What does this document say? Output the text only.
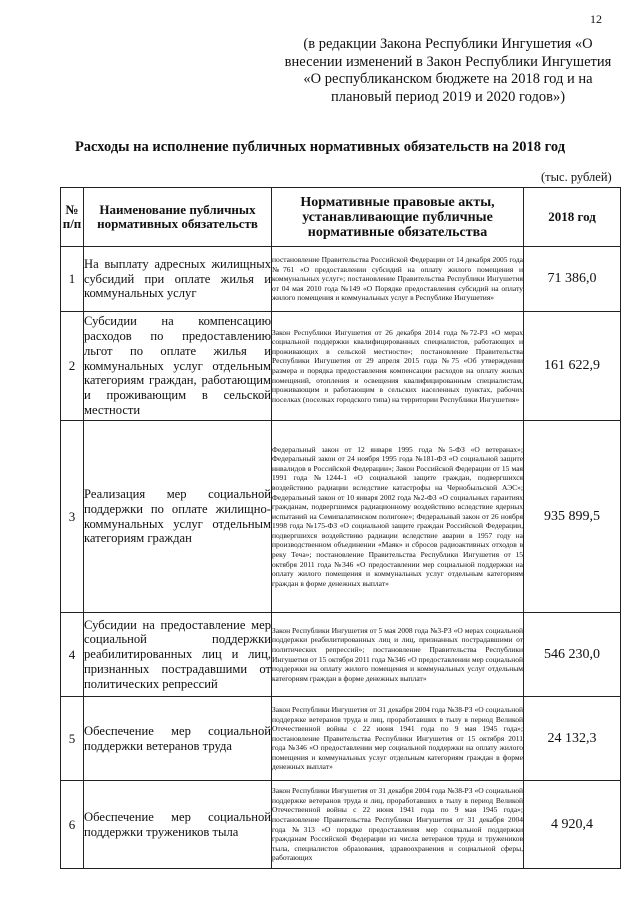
12
(в редакции Закона Республики Ингушетия «О внесении изменений в Закон Республики Ингушетия «О республиканском бюджете на 2018 год и на плановый период 2019 и 2020 годов»)
Расходы на исполнение публичных нормативных обязательств на 2018 год
(тыс. рублей)
№ п/п	Наименование публичных нормативных обязательств	Нормативные правовые акты, устанавливающие публичные нормативные обязательства	2018 год
1	На выплату адресных жилищных субсидий при оплате жилья и коммунальных услуг	постановление Правительства Российской Федерации от 14 декабря 2005 года №761 «О предоставлении субсидий на оплату жилого помещения и коммунальных услуг»; постановление Правительства Республики Ингушетия от 04 мая 2010 года №149 «О Порядке предоставления субсидий на оплату жилого помещения и коммунальных услуг в Республике Ингушетия»	71 386,0
2	Субсидии на компенсацию расходов по предоставлению льгот по оплате жилья и коммунальных услуг отдельным категориям граждан, работающим и проживающим в сельской местности	Закон Республики Ингушетия от 26 декабря 2014 года №72-РЗ «О мерах социальной поддержки квалифицированных специалистов, работающих и проживающих в сельской местности»; постановление Правительства Республики Ингушетия от 29 апреля 2015 года №75 «Об утверждении размера и порядка предоставления компенсации расходов на оплату жилых помещений, отопления и освещения квалифицированным специалистам, проживающим и работающим в сельских населенных пунктах, рабочих поселках (поселках городского типа) на территории Республики Ингушетия»	161 622,9
3	Реализация мер социальной поддержки по оплате жилищно-коммунальных услуг отдельным категориям граждан	Федеральный закон от 12 января 1995 года №5-ФЗ «О ветеранах»; Федеральный закон от 24 ноября 1995 года №181-ФЗ «О социальной защите инвалидов в Российской Федерации»; Закон Российской Федерации от 15 мая 1991 года №1244-1 «О социальной защите граждан, подвергшихся воздействию радиации вследствие катастрофы на Чернобыльской АЭС»; Федеральный закон от 10 января 2002 года №2-ФЗ «О социальных гарантиях гражданам, подвергшимся радиационному воздействию вследствие ядерных испытаний на Семипалатинском полигоне»; Федеральный закон от 26 ноября 1998 года №175-ФЗ «О социальной защите граждан Российской Федерации, подвергшихся воздействию радиации вследствие аварии в 1957 году на производственном объединении «Маяк» и сбросов радиоактивных отходов в реку Теча»; постановление Правительства Республики Ингушетия от 15 октября 2011 года №346 «О предоставлении мер социальной поддержки на оплату жилого помещения и коммунальных услуг отдельным категориям граждан в форме денежных выплат»	935 899,5
4	Субсидии на предоставление мер социальной поддержки реабилитированных лиц и лиц, признанных пострадавшими от политических репрессий	Закон Республики Ингушетия от 5 мая 2008 года №3-РЗ «О мерах социальной поддержки реабилитированных лиц и лиц, признанных пострадавшими от политических репрессий»; постановление Правительства Республики Ингушетия от 15 октября 2011 года №346 «О предоставлении мер социальной поддержки на оплату жилого помещения и коммунальных услуг отдельным категориям граждан в форме денежных выплат»	546 230,0
5	Обеспечение мер социальной поддержки ветеранов труда	Закон Республики Ингушетия от 31 декабря 2004 года №38-РЗ «О социальной поддержке ветеранов труда и лиц, проработавших в тылу в период Великой Отечественной войны с 22 июня 1941 года по 9 мая 1945 года»; постановление Правительства Республики Ингушетия от 15 октября 2011 года №346 «О предоставлении мер социальной поддержки на оплату жилого помещения и коммунальных услуг отдельным категориям граждан в форме денежных выплат»	24 132,3
6	Обеспечение мер социальной поддержки тружеников тыла	Закон Республики Ингушетия от 31 декабря 2004 года №38-РЗ «О социальной поддержке ветеранов труда и лиц, проработавших в тылу в период Великой Отечественной войны с 22 июня 1941 года по 9 мая 1945 года»; постановление Правительства Республики Ингушетия от 31 декабря 2004 года №313 «О порядке предоставления мер социальной поддержки гражданам Российской Федерации из числа ветеранов труда и тружеников тыла, специалистов образования, здравоохранения и социальной сферы, работающих	4 920,4
